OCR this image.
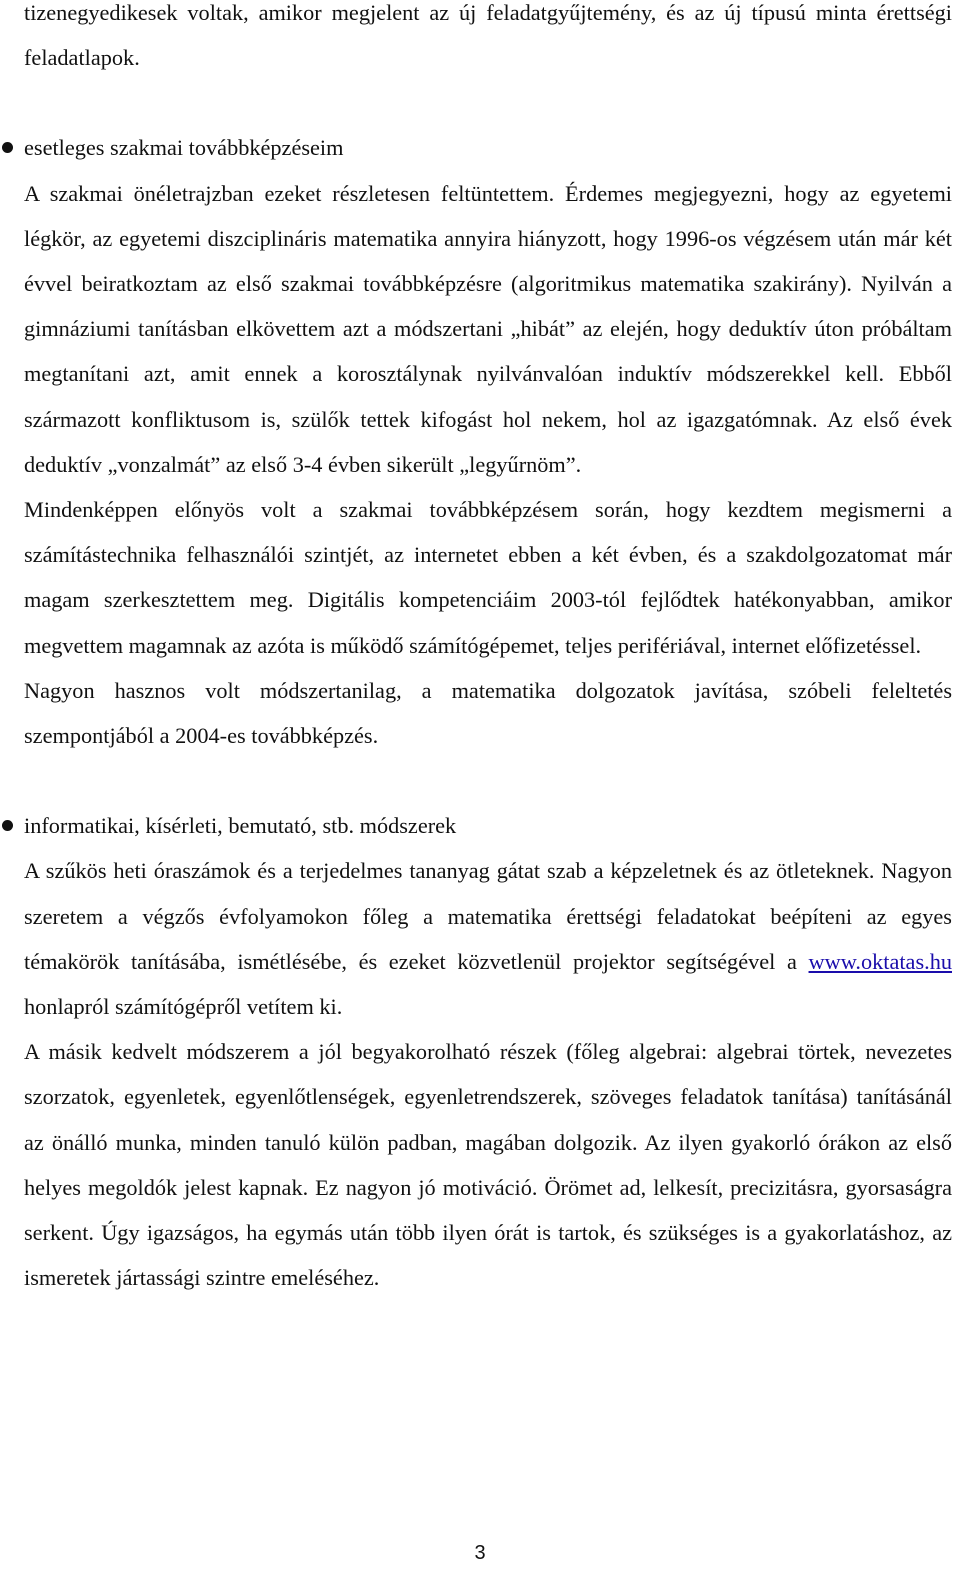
tizenegyedikesek voltak, amikor megjelent az új feladatgyűjtemény, és az új típusú minta érettségi feladatlapok.

esetleges szakmai továbbképzéseim

A szakmai önéletrajzban ezeket részletesen feltüntettem. Érdemes megjegyezni, hogy az egyetemi légkör, az egyetemi diszciplináris matematika annyira hiányzott, hogy 1996-os végzésem után már két évvel beiratkoztam az első szakmai továbbképzésre (algoritmikus matematika szakirány). Nyilván a gimnáziumi tanításban elkövettem azt a módszertani „hibát” az elején, hogy deduktív úton próbáltam megtanítani azt, amit ennek a korosztálynak nyilvánvalóan induktív módszerekkel kell. Ebből származott konfliktusom is, szülők tettek kifogást hol nekem, hol az igazgatómnak. Az első évek deduktív „vonzalmát” az első 3-4 évben sikerült „legyűrnöm”.

Mindenképpen előnyös volt a szakmai továbbképzésem során, hogy kezdtem megismerni a számítástechnika felhasználói szintjét, az internetet ebben a két évben, és a szakdolgozatomat már magam szerkesztettem meg. Digitális kompetenciáim 2003-tól fejlődtek hatékonyabban, amikor megvettem magamnak az azóta is működő számítógépemet, teljes perifériával, internet előfizetéssel.

Nagyon hasznos volt módszertanilag, a matematika dolgozatok javítása, szóbeli feleltetés szempontjából a 2004-es továbbképzés.

informatikai, kísérleti, bemutató, stb. módszerek

A szűkös heti óraszámok és a terjedelmes tananyag gátat szab a képzeletnek és az ötleteknek. Nagyon szeretem a végzős évfolyamokon főleg a matematika érettségi feladatokat beépíteni az egyes témakörök tanításába, ismétlésébe, és ezeket közvetlenül projektor segítségével a www.oktatas.hu honlapról számítógépről vetítem ki.

A másik kedvelt módszerem a jól begyakorolható részek (főleg algebrai: algebrai törtek, nevezetes szorzatok, egyenletek, egyenlőtlenségek, egyenletrendszerek, szöveges feladatok tanítása) tanításánál az önálló munka, minden tanuló külön padban, magában dolgozik. Az ilyen gyakorló órákon az első helyes megoldók jelest kapnak. Ez nagyon jó motiváció. Örömet ad, lelkesít, precizitásra, gyorsaságra serkent. Úgy igazságos, ha egymás után több ilyen órát is tartok, és szükséges is a gyakorlatáshoz, az ismeretek jártassági szintre emeléséhez.

3
